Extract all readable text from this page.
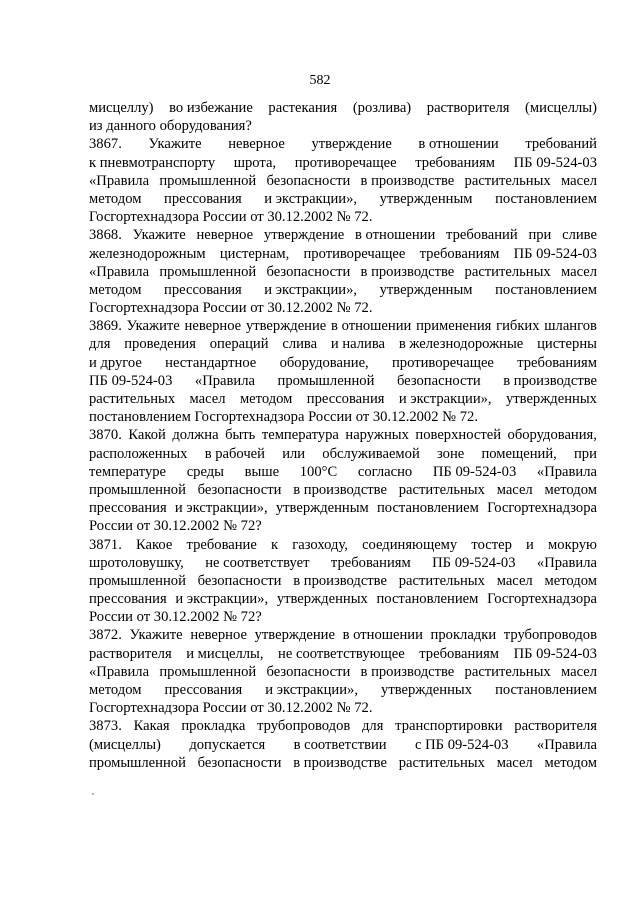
582
мисцеллу) во избежание растекания (розлива) растворителя (мисцеллы)
из данного оборудования?
3867. Укажите неверное утверждение в отношении требований
к пневмотранспорту шрота, противоречащее требованиям ПБ 09-524-03
«Правила промышленной безопасности в производстве растительных масел
методом прессования и экстракции», утвержденным постановлением
Госгортехнадзора России от 30.12.2002 № 72.
3868. Укажите неверное утверждение в отношении требований при сливе
железнодорожным цистернам, противоречащее требованиям ПБ 09-524-03
«Правила промышленной безопасности в производстве растительных масел
методом прессования и экстракции», утвержденным постановлением
Госгортехнадзора России от 30.12.2002 № 72.
3869. Укажите неверное утверждение в отношении применения гибких шлангов
для проведения операций слива и налива в железнодорожные цистерны
и другое нестандартное оборудование, противоречащее требованиям
ПБ 09-524-03 «Правила промышленной безопасности в производстве
растительных масел методом прессования и экстракции», утвержденных
постановлением Госгортехнадзора России от 30.12.2002 № 72.
3870. Какой должна быть температура наружных поверхностей оборудования,
расположенных в рабочей или обслуживаемой зоне помещений, при
температуре среды выше 100°С согласно ПБ 09-524-03 «Правила
промышленной безопасности в производстве растительных масел методом
прессования и экстракции», утвержденным постановлением Госгортехнадзора
России от 30.12.2002 № 72?
3871. Какое требование к газоходу, соединяющему тостер и мокрую
шротоловушку, не соответствует требованиям ПБ 09-524-03 «Правила
промышленной безопасности в производстве растительных масел методом
прессования и экстракции», утвержденных постановлением Госгортехнадзора
России от 30.12.2002 № 72?
3872. Укажите неверное утверждение в отношении прокладки трубопроводов
растворителя и мисцеллы, не соответствующее требованиям ПБ 09-524-03
«Правила промышленной безопасности в производстве растительных масел
методом прессования и экстракции», утвержденных постановлением
Госгортехнадзора России от 30.12.2002 № 72.
3873. Какая прокладка трубопроводов для транспортировки растворителя
(мисцеллы) допускается в соответствии с ПБ 09-524-03 «Правила
промышленной безопасности в производстве растительных масел методом
